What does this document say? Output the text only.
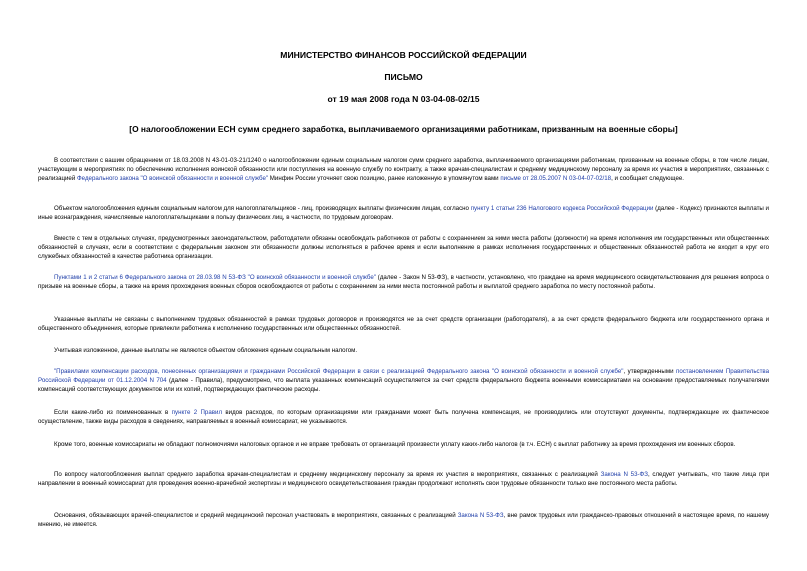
МИНИСТЕРСТВО ФИНАНСОВ РОССИЙСКОЙ ФЕДЕРАЦИИ
ПИСЬМО
от 19 мая 2008 года N 03-04-08-02/15
[О налогообложении ЕСН сумм среднего заработка, выплачиваемого организациями работникам, призванным на военные сборы]
В соответствии с вашим обращением от 18.03.2008 N 43-01-03-21/1240 о налогообложении единым социальным налогом сумм среднего заработка, выплачиваемого организациями работникам, призванным на военные сборы, в том числе лицам, участвующим в мероприятиях по обеспечению исполнения воинской обязанности или поступления на военную службу по контракту, а также врачам-специалистам и среднему медицинскому персоналу за время их участия в мероприятиях, связанных с реализацией Федерального закона "О воинской обязанности и военной службе" Минфин России уточняет свою позицию, ранее изложенную в упомянутом вами письме от 28.05.2007 N 03-04-07-02/18, и сообщает следующее.
Объектом налогообложения единым социальным налогом для налогоплательщиков - лиц, производящих выплаты физическим лицам, согласно пункту 1 статьи 236 Налогового кодекса Российской Федерации (далее - Кодекс) признаются выплаты и иные вознаграждения, начисляемые налогоплательщиками в пользу физических лиц, в частности, по трудовым договорам.
Вместе с тем в отдельных случаях, предусмотренных законодательством, работодатели обязаны освобождать работников от работы с сохранением за ними места работы (должности) на время исполнения им государственных или общественных обязанностей в случаях, если в соответствии с федеральным законом эти обязанности должны исполняться в рабочее время и если выполнение в рамках исполнения государственных и общественных обязанностей работа не входит в круг его служебных обязанностей в качестве работника организации.
Пунктами 1 и 2 статьи 6 Федерального закона от 28.03.98 N 53-ФЗ "О воинской обязанности и военной службе" (далее - Закон N 53-ФЗ), в частности, установлено, что граждане на время медицинского освидетельствования для решения вопроса о призыве на военные сборы, а также на время прохождения военных сборов освобождаются от работы с сохранением за ними места постоянной работы и выплатой среднего заработка по месту постоянной работы.
Указанные выплаты не связаны с выполнением трудовых обязанностей в рамках трудовых договоров и производятся не за счет средств организации (работодателя), а за счет средств федерального бюджета или государственного органа и общественного объединения, которые привлекли работника к исполнению государственных или общественных обязанностей.
Учитывая изложенное, данные выплаты не являются объектом обложения единым социальным налогом.
"Правилами компенсации расходов, понесенных организациями и гражданами Российской Федерации в связи с реализацией Федерального закона "О воинской обязанности и военной службе", утвержденными постановлением Правительства Российской Федерации от 01.12.2004 N 704 (далее - Правила), предусмотрено, что выплата указанных компенсаций осуществляется за счет средств федерального бюджета военными комиссариатами на основании предоставляемых получателями компенсаций соответствующих документов или их копий, подтверждающих фактические расходы.
Если какие-либо из поименованных в пункте 2 Правил видов расходов, по которым организациями или гражданами может быть получена компенсация, не производились или отсутствуют документы, подтверждающие их фактическое осуществление, также виды расходов в сведениях, направляемых в военный комиссариат, не указываются.
Кроме того, военные комиссариаты не обладают полномочиями налоговых органов и не вправе требовать от организаций произвести уплату каких-либо налогов (в т.ч. ЕСН) с выплат работнику за время прохождения им военных сборов.
По вопросу налогообложения выплат среднего заработка врачам-специалистам и среднему медицинскому персоналу за время их участия в мероприятиях, связанных с реализацией Закона N 53-ФЗ, следует учитывать, что такие лица при направлении в военный комиссариат для проведения военно-врачебной экспертизы и медицинского освидетельствования граждан продолжают исполнять свои трудовые обязанности только вне постоянного места работы.
Основания, обязывающих врачей-специалистов и средний медицинский персонал участвовать в мероприятиях, связанных с реализацией Закона N 53-ФЗ, вне рамок трудовых или гражданско-правовых отношений в настоящее время, по нашему мнению, не имеется.
